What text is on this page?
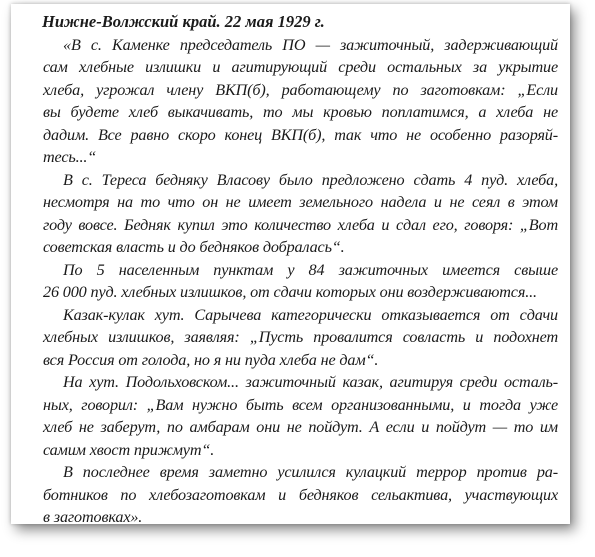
Нижне-Волжский край. 22 мая 1929 г.
«В с. Каменке председатель ПО — зажиточный, задерживающий
сам хлебные излишки и агитирующий среди остальных за укрытие
хлеба, угрожал члену ВКП(б), работающему по заготовкам: „Если
вы будете хлеб выкачивать, то мы кровью поплатимся, а хлеба не
дадим. Все равно скоро конец ВКП(б), так что не особенно разоряй-
тесь...“
В с. Тереса бедняку Власову было предложено сдать 4 пуд. хлеба,
несмотря на то что он не имеет земельного надела и не сеял в этом
году вовсе. Бедняк купил это количество хлеба и сдал его, говоря: „Вот
советская власть и до бедняков добралась“.
По 5 населенным пунктам у 84 зажиточных имеется свыше
26 000 пуд. хлебных излишков, от сдачи которых они воздерживаются...
Казак-кулак хут. Сарычева категорически отказывается от сдачи
хлебных излишков, заявляя: „Пусть провалится совласть и подохнет
вся Россия от голода, но я ни пуда хлеба не дам“.
На хут. Подольховском... зажиточный казак, агитируя среди осталь-
ных, говорил: „Вам нужно быть всем организованными, и тогда уже
хлеб не заберут, по амбарам они не пойдут. А если и пойдут — то им
самим хвост прижмут“.
В последнее время заметно усилился кулацкий террор против ра-
ботников по хлебозаготовкам и бедняков сельактива, участвующих
в заготовках».
